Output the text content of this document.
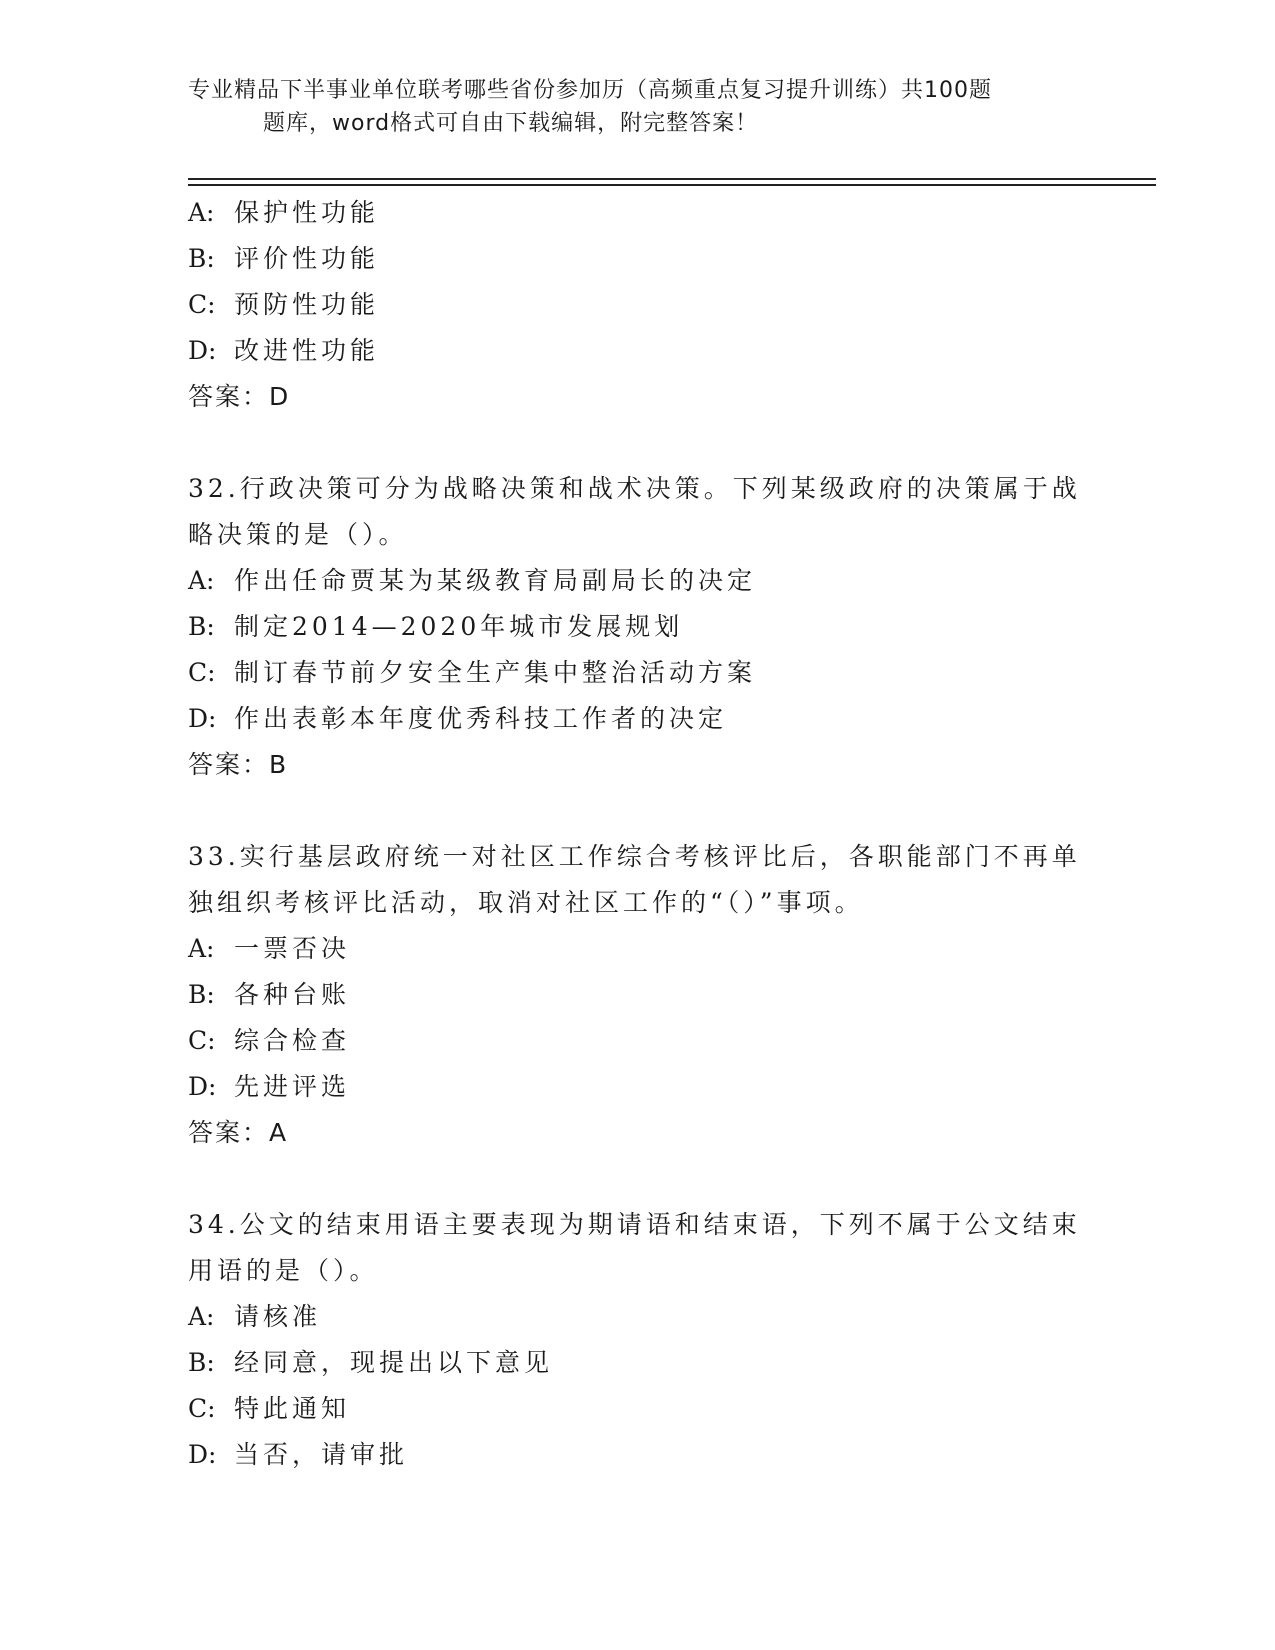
专业精品下半事业单位联考哪些省份参加历（高频重点复习提升训练）共100题
题库，word格式可自由下载编辑，附完整答案！
A: 保护性功能
B: 评价性功能
C: 预防性功能
D: 改进性功能
答案：D
32.行政决策可分为战略决策和战术决策。下列某级政府的决策属于战
略决策的是（）。
A: 作出任命贾某为某级教育局副局长的决定
B: 制定2014—2020年城市发展规划
C: 制订春节前夕安全生产集中整治活动方案
D: 作出表彰本年度优秀科技工作者的决定
答案：B
33.实行基层政府统一对社区工作综合考核评比后，各职能部门不再单
独组织考核评比活动，取消对社区工作的“（）”事项。
A: 一票否决
B: 各种台账
C: 综合检查
D: 先进评选
答案：A
34.公文的结束用语主要表现为期请语和结束语，下列不属于公文结束
用语的是（）。
A: 请核准
B: 经同意，现提出以下意见
C: 特此通知
D: 当否，请审批
